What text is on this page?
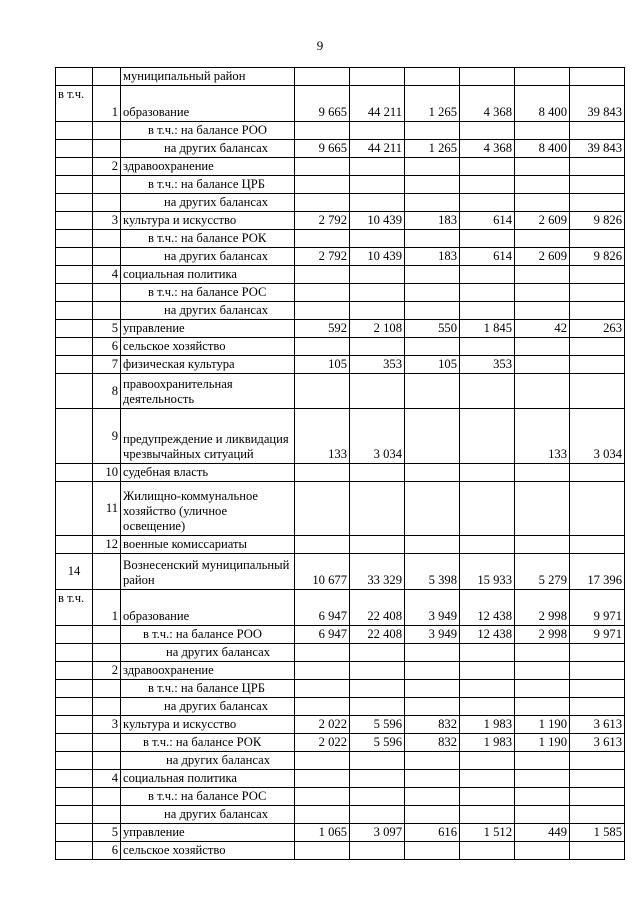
9
		муниципальный район						
в т.ч.	1	образование	9 665	44 211	1 265	4 368	8 400	39 843
		в т.ч.: на балансе РОО						
		на других балансах	9 665	44 211	1 265	4 368	8 400	39 843
	2	здравоохранение						
		в т.ч.: на балансе ЦРБ						
		на других балансах						
	3	культура и искусство	2 792	10 439	183	614	2 609	9 826
		в т.ч.: на балансе РОК						
		на других балансах	2 792	10 439	183	614	2 609	9 826
	4	социальная политика						
		в т.ч.: на балансе РОС						
		на других балансах						
	5	управление	592	2 108	550	1 845	42	263
	6	сельское хозяйство						
	7	физическая культура	105	353	105	353		
	8	правоохранительная деятельность						
	9	предупреждение и ликвидация чрезвычайных ситуаций	133	3 034			133	3 034
	10	судебная власть						
	11	Жилищно-коммунальное хозяйство (уличное освещение)						
	12	военные комиссариаты						
14		Вознесенский муниципальный район	10 677	33 329	5 398	15 933	5 279	17 396
в т.ч.	1	образование	6 947	22 408	3 949	12 438	2 998	9 971
		в т.ч.: на балансе РОО	6 947	22 408	3 949	12 438	2 998	9 971
		на других балансах						
	2	здравоохранение						
		в т.ч.: на балансе ЦРБ						
		на других балансах						
	3	культура и искусство	2 022	5 596	832	1 983	1 190	3 613
		в т.ч.: на балансе РОК	2 022	5 596	832	1 983	1 190	3 613
		на других балансах						
	4	социальная политика						
		в т.ч.: на балансе РОС						
		на других балансах						
	5	управление	1 065	3 097	616	1 512	449	1 585
	6	сельское хозяйство						
